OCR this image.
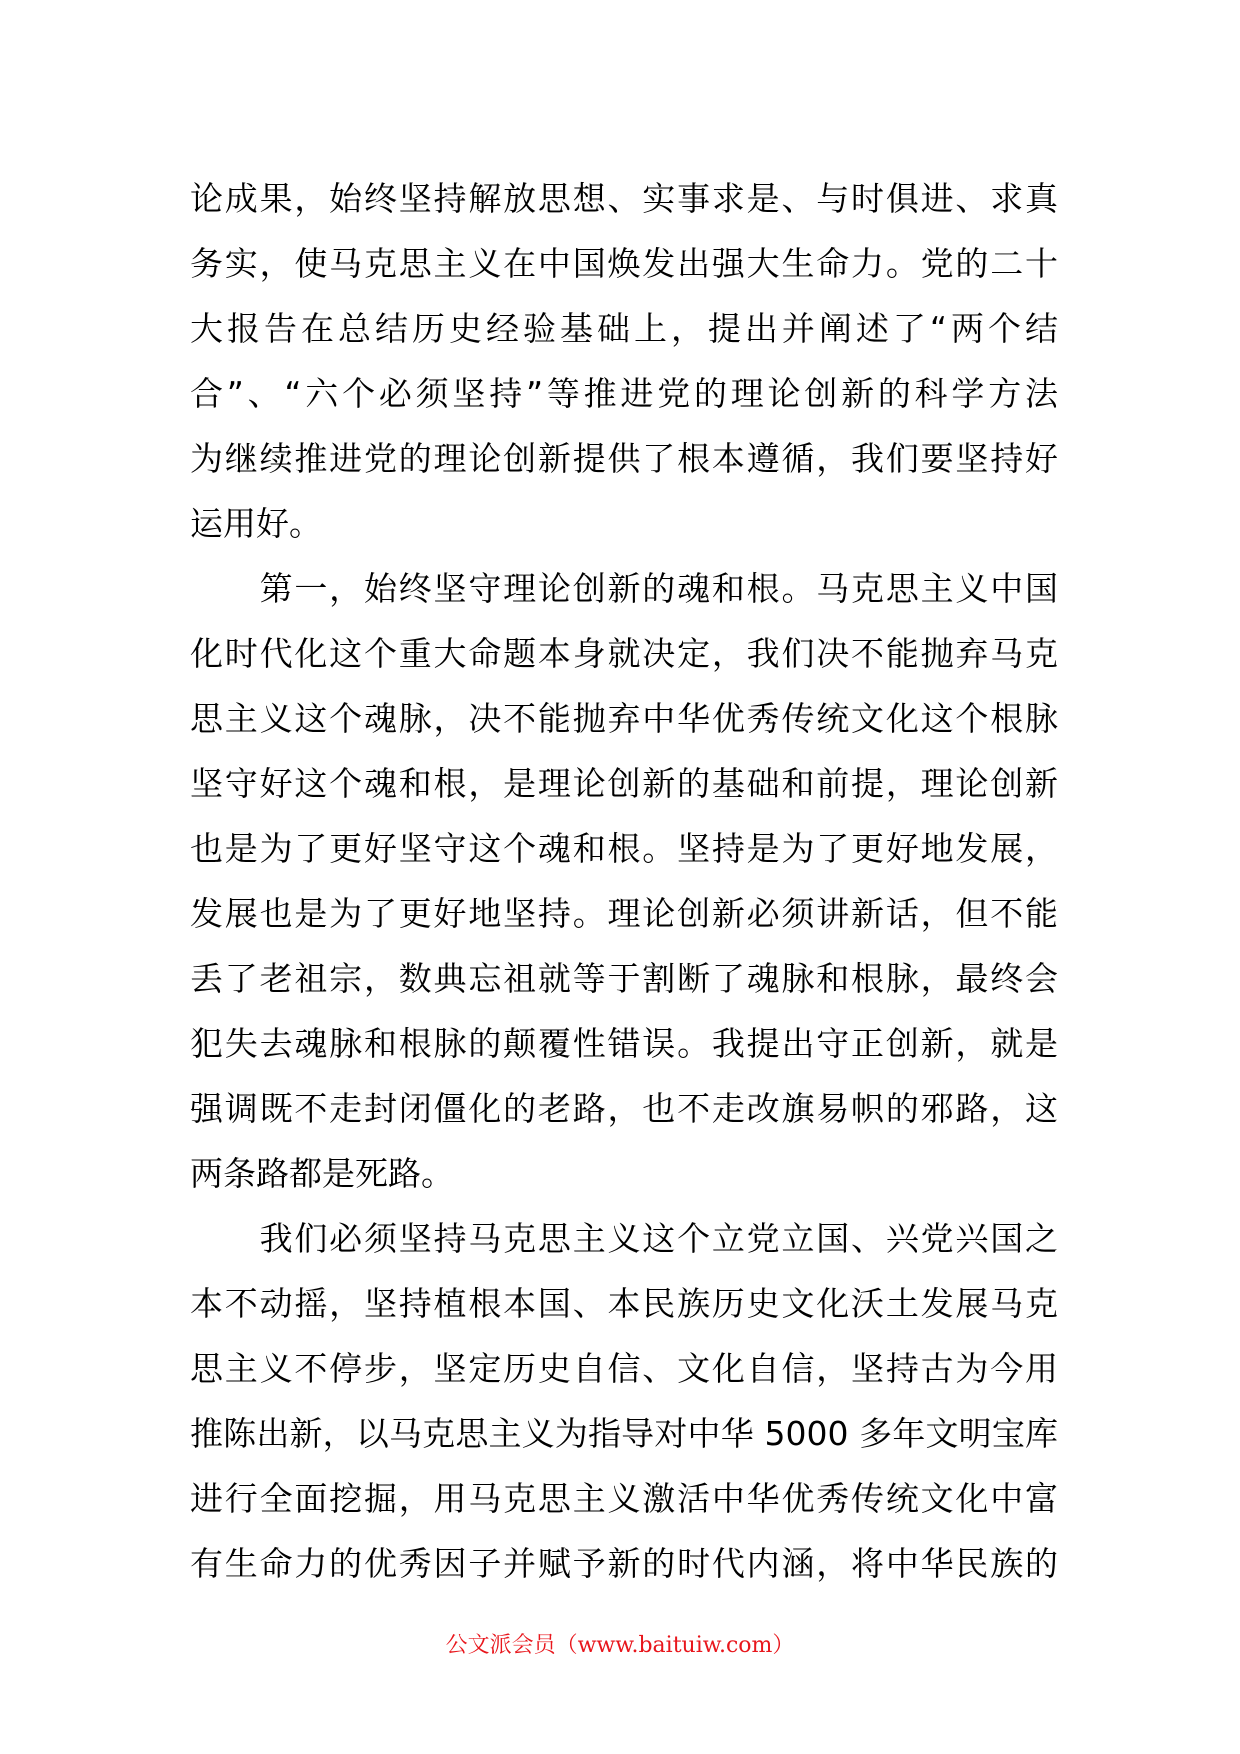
论成果，始终坚持解放思想、实事求是、与时俱进、求真
务实，使马克思主义在中国焕发出强大生命力。党的二十
大报告在总结历史经验基础上，提出并阐述了“两个结
合”、“六个必须坚持”等推进党的理论创新的科学方法
为继续推进党的理论创新提供了根本遵循，我们要坚持好
运用好。
　　第一，始终坚守理论创新的魂和根。马克思主义中国
化时代化这个重大命题本身就决定，我们决不能抛弃马克
思主义这个魂脉，决不能抛弃中华优秀传统文化这个根脉
坚守好这个魂和根，是理论创新的基础和前提，理论创新
也是为了更好坚守这个魂和根。坚持是为了更好地发展，
发展也是为了更好地坚持。理论创新必须讲新话，但不能
丢了老祖宗，数典忘祖就等于割断了魂脉和根脉，最终会
犯失去魂脉和根脉的颠覆性错误。我提出守正创新，就是
强调既不走封闭僵化的老路，也不走改旗易帜的邪路，这
两条路都是死路。
　　我们必须坚持马克思主义这个立党立国、兴党兴国之
本不动摇，坚持植根本国、本民族历史文化沃土发展马克
思主义不停步，坚定历史自信、文化自信，坚持古为今用
推陈出新，以马克思主义为指导对中华 5000 多年文明宝库
进行全面挖掘，用马克思主义激活中华优秀传统文化中富
有生命力的优秀因子并赋予新的时代内涵，将中华民族的
公文派会员（www.baituiw.com）
